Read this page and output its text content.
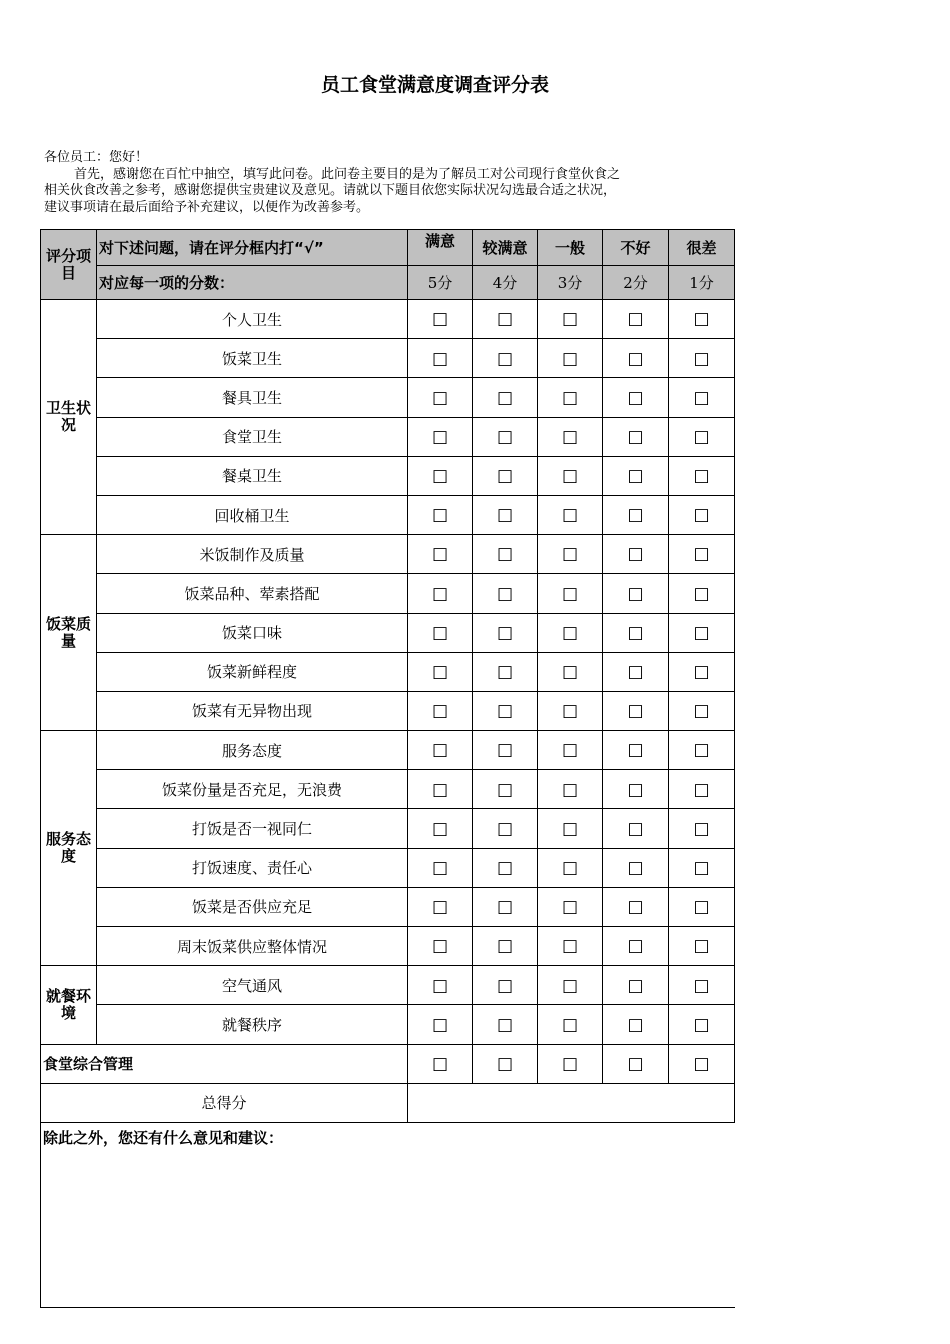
员工食堂满意度调查评分表
各位员工：您好！
首先，感谢您在百忙中抽空，填写此问卷。此问卷主要目的是为了解员工对公司现行食堂伙食之
相关伙食改善之参考，感谢您提供宝贵建议及意见。请就以下题目依您实际状况勾选最合适之状况，
建议事项请在最后面给予补充建议，以便作为改善参考。
评分项目	对下述问题，请在评分框内打“√”	满意	较满意	一般	不好	很差
	对应每一项的分数：	5分	4分	3分	2分	1分
卫生状况	个人卫生	□	□	□	□	□
	饭菜卫生	□	□	□	□	□
	餐具卫生	□	□	□	□	□
	食堂卫生	□	□	□	□	□
	餐桌卫生	□	□	□	□	□
	回收桶卫生	□	□	□	□	□
饭菜质量	米饭制作及质量	□	□	□	□	□
	饭菜品种、荤素搭配	□	□	□	□	□
	饭菜口味	□	□	□	□	□
	饭菜新鲜程度	□	□	□	□	□
	饭菜有无异物出现	□	□	□	□	□
服务态度	服务态度	□	□	□	□	□
	饭菜份量是否充足，无浪费	□	□	□	□	□
	打饭是否一视同仁	□	□	□	□	□
	打饭速度、责任心	□	□	□	□	□
	饭菜是否供应充足	□	□	□	□	□
	周末饭菜供应整体情况	□	□	□	□	□
就餐环境	空气通风	□	□	□	□	□
	就餐秩序	□	□	□	□	□
食堂综合管理		□	□	□	□	□
总得分						
除此之外，您还有什么意见和建议：						
